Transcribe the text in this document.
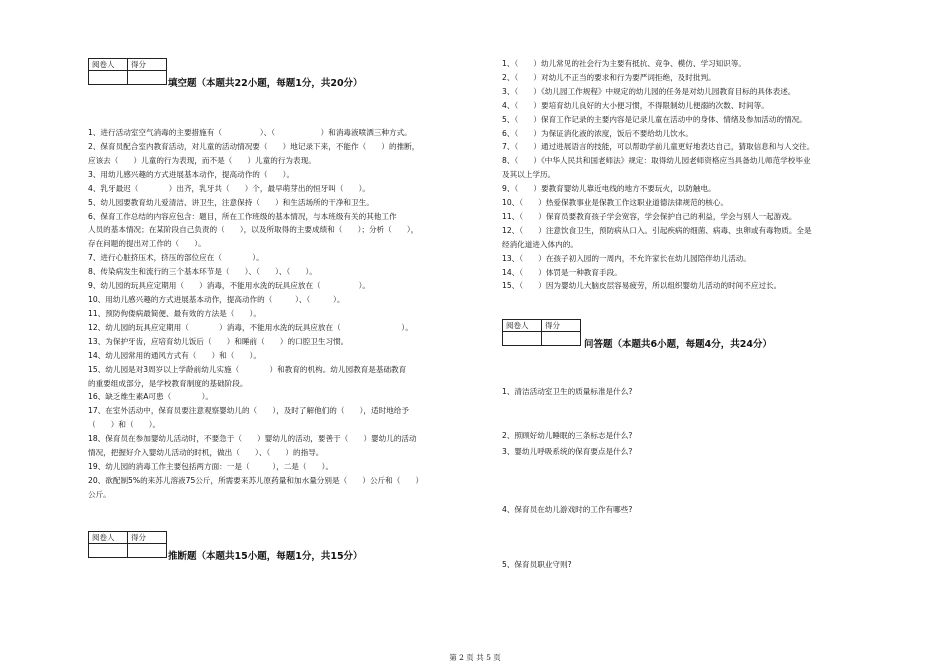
阅卷人	得分

填空题（本题共22小题，每题1分，共20分）
1、进行活动室空气消毒的主要措施有（　　　　　）、（　　　　　　）和消毒液喷洒三种方式。
2、保育员配合室内教育活动，对儿童的活动情况要（　　）地记录下来，不能作（　　）的推断，
应该去（　　）儿童的行为表现，而不是（　　）儿童的行为表现。
3、用幼儿感兴趣的方式进展基本动作，提高动作的（　　）。
4、乳牙最迟（　　　　）出齐，乳牙共（　　）个，最早萌芽出的恒牙叫（　　）。
5、幼儿园要教育幼儿爱清洁、讲卫生，注意保持（　　）和生活场所的干净和卫生。
6、保育工作总结的内容应包含：题目，所在工作班级的基本情况，与本班级有关的其他工作
人员的基本情况；在某阶段自己负责的（　　），以及所取得的主要成绩和（　　）；分析（　　），
存在问题的提出对工作的（　　）。
7、进行心脏挤压术，挤压的部位应在（　　　　）。
8、传染病发生和流行的三个基本环节是（　　）、（　　）、（　　）。
9、幼儿园的玩具应定期用（　　）消毒，不能用水洗的玩具应放在（　　　　　）。
10、用幼儿感兴趣的方式进展基本动作，提高动作的（　　　）、（　　　）。
11、预防佝偻病最简便、最有效的方法是（　　）。
12、幼儿园的玩具应定期用（　　　　）消毒，不能用水洗的玩具应放在（　　　　　　　　）。
13、为保护牙齿，应培育幼儿饭后（　　）和睡前（　　）的口腔卫生习惯。
14、幼儿园常用的通风方式有（　　）和（　　）。
15、幼儿园是对3周岁以上学龄前幼儿实施（　　　　）和教育的机构。幼儿园教育是基础教育
的重要组成部分，是学校教育制度的基础阶段。
16、缺乏维生素A可患（　　　　）。
17、在室外活动中，保育员要注意观察婴幼儿的（　　），及时了解他们的（　　），适时地给予
（　　）和（　　）。
18、保育员在参加婴幼儿活动时，不要急于（　　）婴幼儿的活动，要善于（　　）婴幼儿的活动
情况，把握好介入婴幼儿活动的时机，做出（　　）、（　　）的指导。
19、幼儿园的消毒工作主要包括两方面：一是（　　　），二是（　　）。
20、欲配制5%的来苏儿溶液75公斤，所需要来苏儿原药量和加水量分别是（　　）公斤和（　　）
公斤。
阅卷人	得分

推断题（本题共15小题，每题1分，共15分）
1、（　　）幼儿常见的社会行为主要有抵抗、竞争、模仿、学习知识等。
2、（　　）对幼儿不正当的要求和行为要严词拒绝，及时批判。
3、（　　）《幼儿园工作规程》中规定的幼儿园的任务是对幼儿园教育目标的具体表述。
4、（　　）要培育幼儿良好的大小便习惯，不得限制幼儿便溺的次数、时间等。
5、（　　）保育工作记录的主要内容是记录儿童在活动中的身体、情绪及参加活动的情况。
6、（　　）为保证消化液的浓度，饭后不要给幼儿饮水。
7、（　　）通过进展语言的技能，可以帮助学前儿童更好地表达自己，猜取信息和与人交往。
8、（　　）《中华人民共和国老师法》规定：取得幼儿园老师资格应当具备幼儿师范学校毕业
及其以上学历。
9、（　　）要教育婴幼儿靠近电线的地方不要玩火，以防触电。
10、（　　）热爱保教事业是保教工作这职业道德法律规范的核心。
11、（　　）保育员要教育孩子学会宽容，学会保护自己的利益，学会与别人一起游戏。
12、（　　）注意饮食卫生，预防病从口入。引起疾病的细菌、病毒、虫卵或有毒物质。全是
经消化道进入体内的。
13、（　　）在孩子初入园的一周内，不允许家长在幼儿园陪伴幼儿活动。
14、（　　）体罚是一种教育手段。
15、（　　）因为婴幼儿大脑皮层容易疲劳，所以组织婴幼儿活动的时间不应过长。
阅卷人	得分

问答题（本题共6小题，每题4分，共24分）
1、清洁活动室卫生的质量标准是什么?
2、照顾好幼儿睡眠的三条标志是什么?
3、婴幼儿呼吸系统的保育要点是什么?
4、保育员在幼儿游戏时的工作有哪些?
5、保育员职业守则?
第 2 页 共 5 页
